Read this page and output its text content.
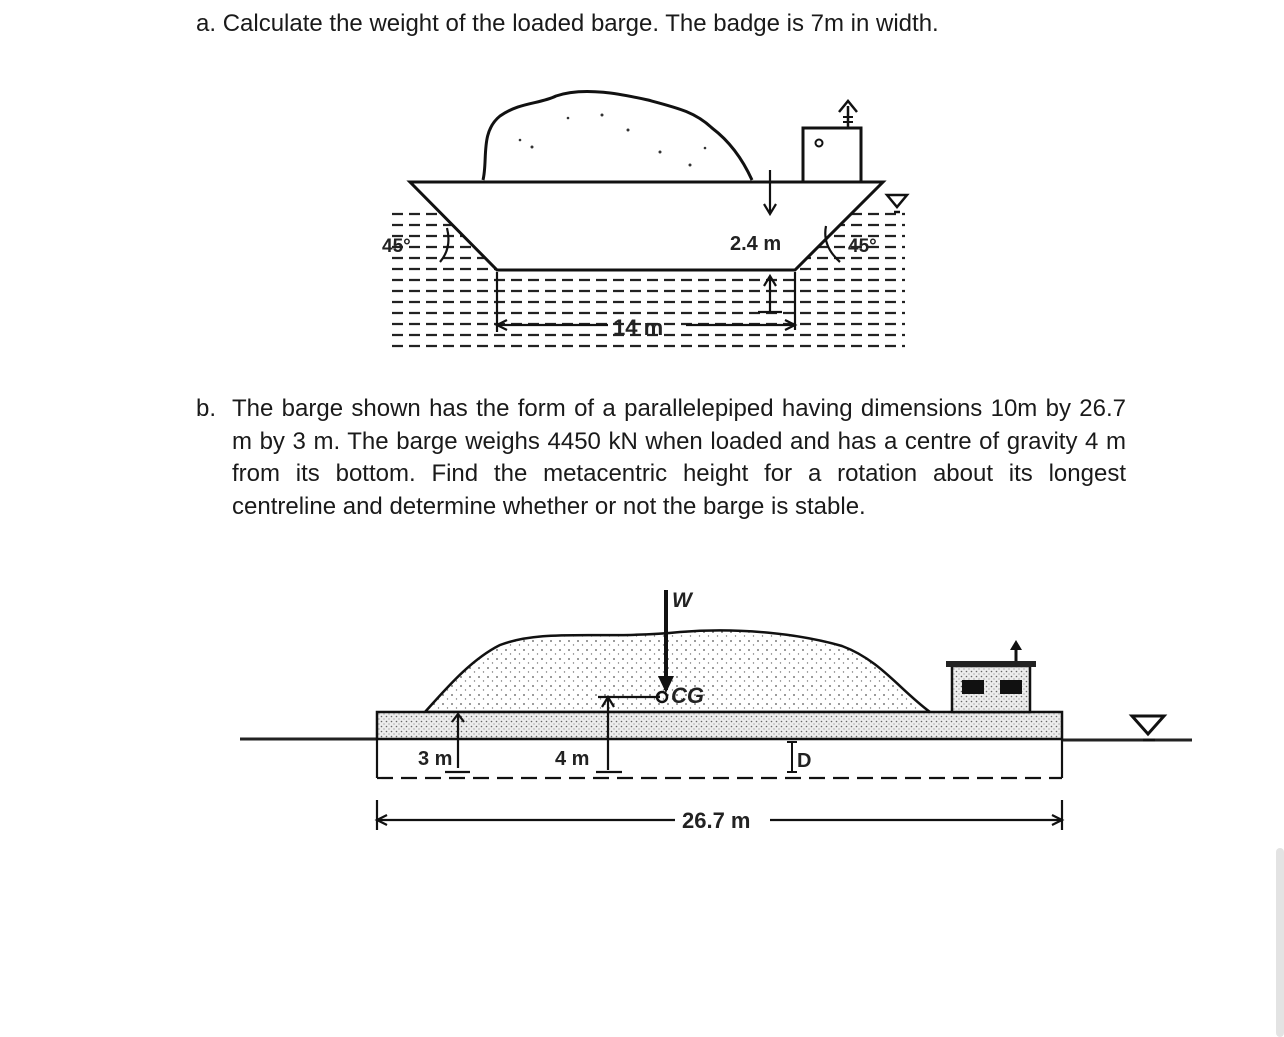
a. Calculate the weight of the loaded barge. The badge is 7m in width.
45°	45°
2.4 m
14 m
W
CG
3 m	4 m	D
26.7 m
b. The barge shown has the form of a parallelepiped having dimensions 10m by 26.7 m by 3 m. The barge weighs 4450 kN when loaded and has a centre of gravity 4 m from its bottom. Find the metacentric height for a rotation about its longest centreline and determine whether or not the barge is stable.
